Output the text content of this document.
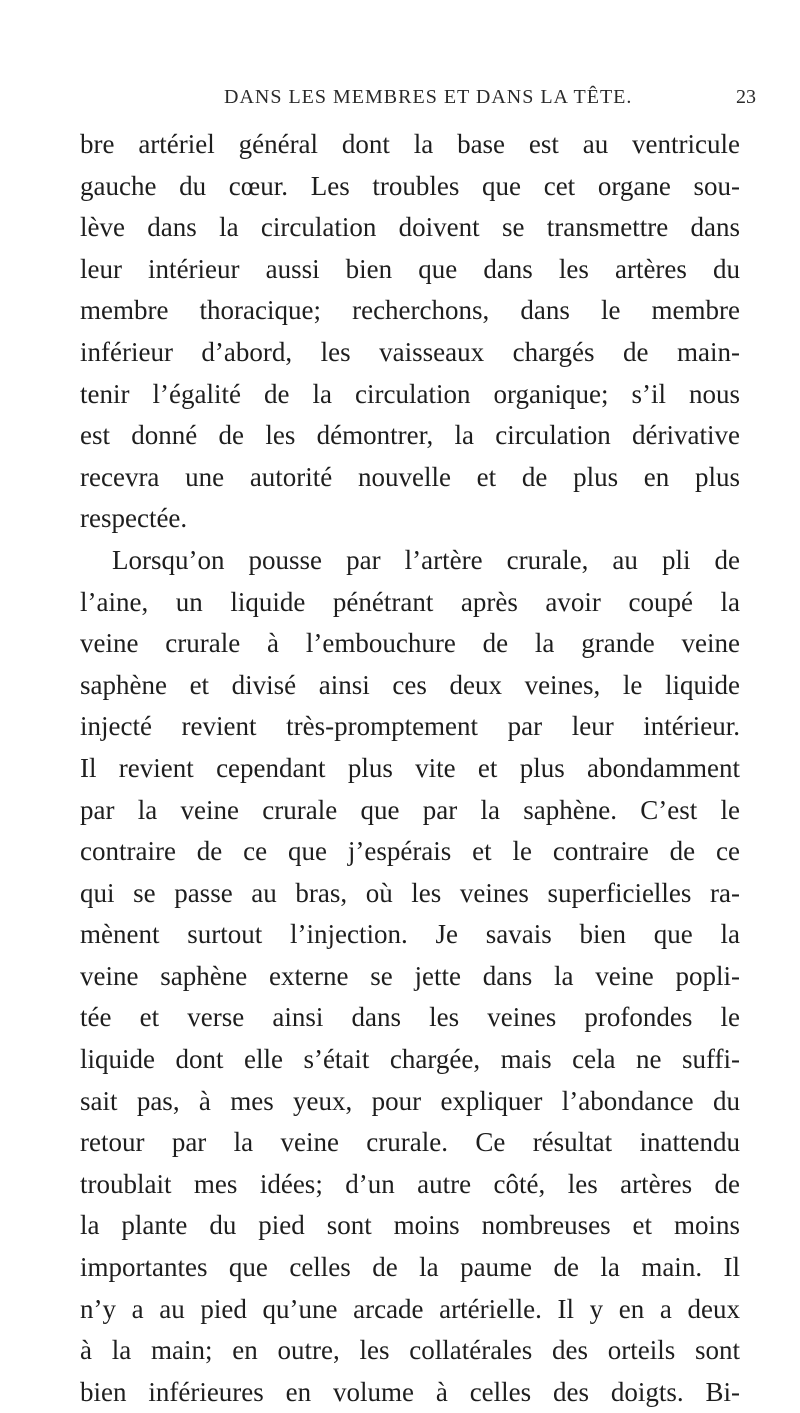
DANS LES MEMBRES ET DANS LA TÊTE.	23
bre artériel général dont la base est au ventricule
gauche du cœur. Les troubles que cet organe sou-
lève dans la circulation doivent se transmettre dans
leur intérieur aussi bien que dans les artères du
membre thoracique; recherchons, dans le membre
inférieur d’abord, les vaisseaux chargés de main-
tenir l’égalité de la circulation organique; s’il nous
est donné de les démontrer, la circulation dérivative
recevra une autorité nouvelle et de plus en plus
respectée.
Lorsqu’on pousse par l’artère crurale, au pli de
l’aine, un liquide pénétrant après avoir coupé la
veine crurale à l’embouchure de la grande veine
saphène et divisé ainsi ces deux veines, le liquide
injecté revient très-promptement par leur intérieur.
Il revient cependant plus vite et plus abondamment
par la veine crurale que par la saphène. C’est le
contraire de ce que j’espérais et le contraire de ce
qui se passe au bras, où les veines superficielles ra-
mènent surtout l’injection. Je savais bien que la
veine saphène externe se jette dans la veine popli-
tée et verse ainsi dans les veines profondes le
liquide dont elle s’était chargée, mais cela ne suffi-
sait pas, à mes yeux, pour expliquer l’abondance du
retour par la veine crurale. Ce résultat inattendu
troublait mes idées; d’un autre côté, les artères de
la plante du pied sont moins nombreuses et moins
importantes que celles de la paume de la main. Il
n’y a au pied qu’une arcade artérielle. Il y en a deux
à la main; en outre, les collatérales des orteils sont
bien inférieures en volume à celles des doigts. Bi-
